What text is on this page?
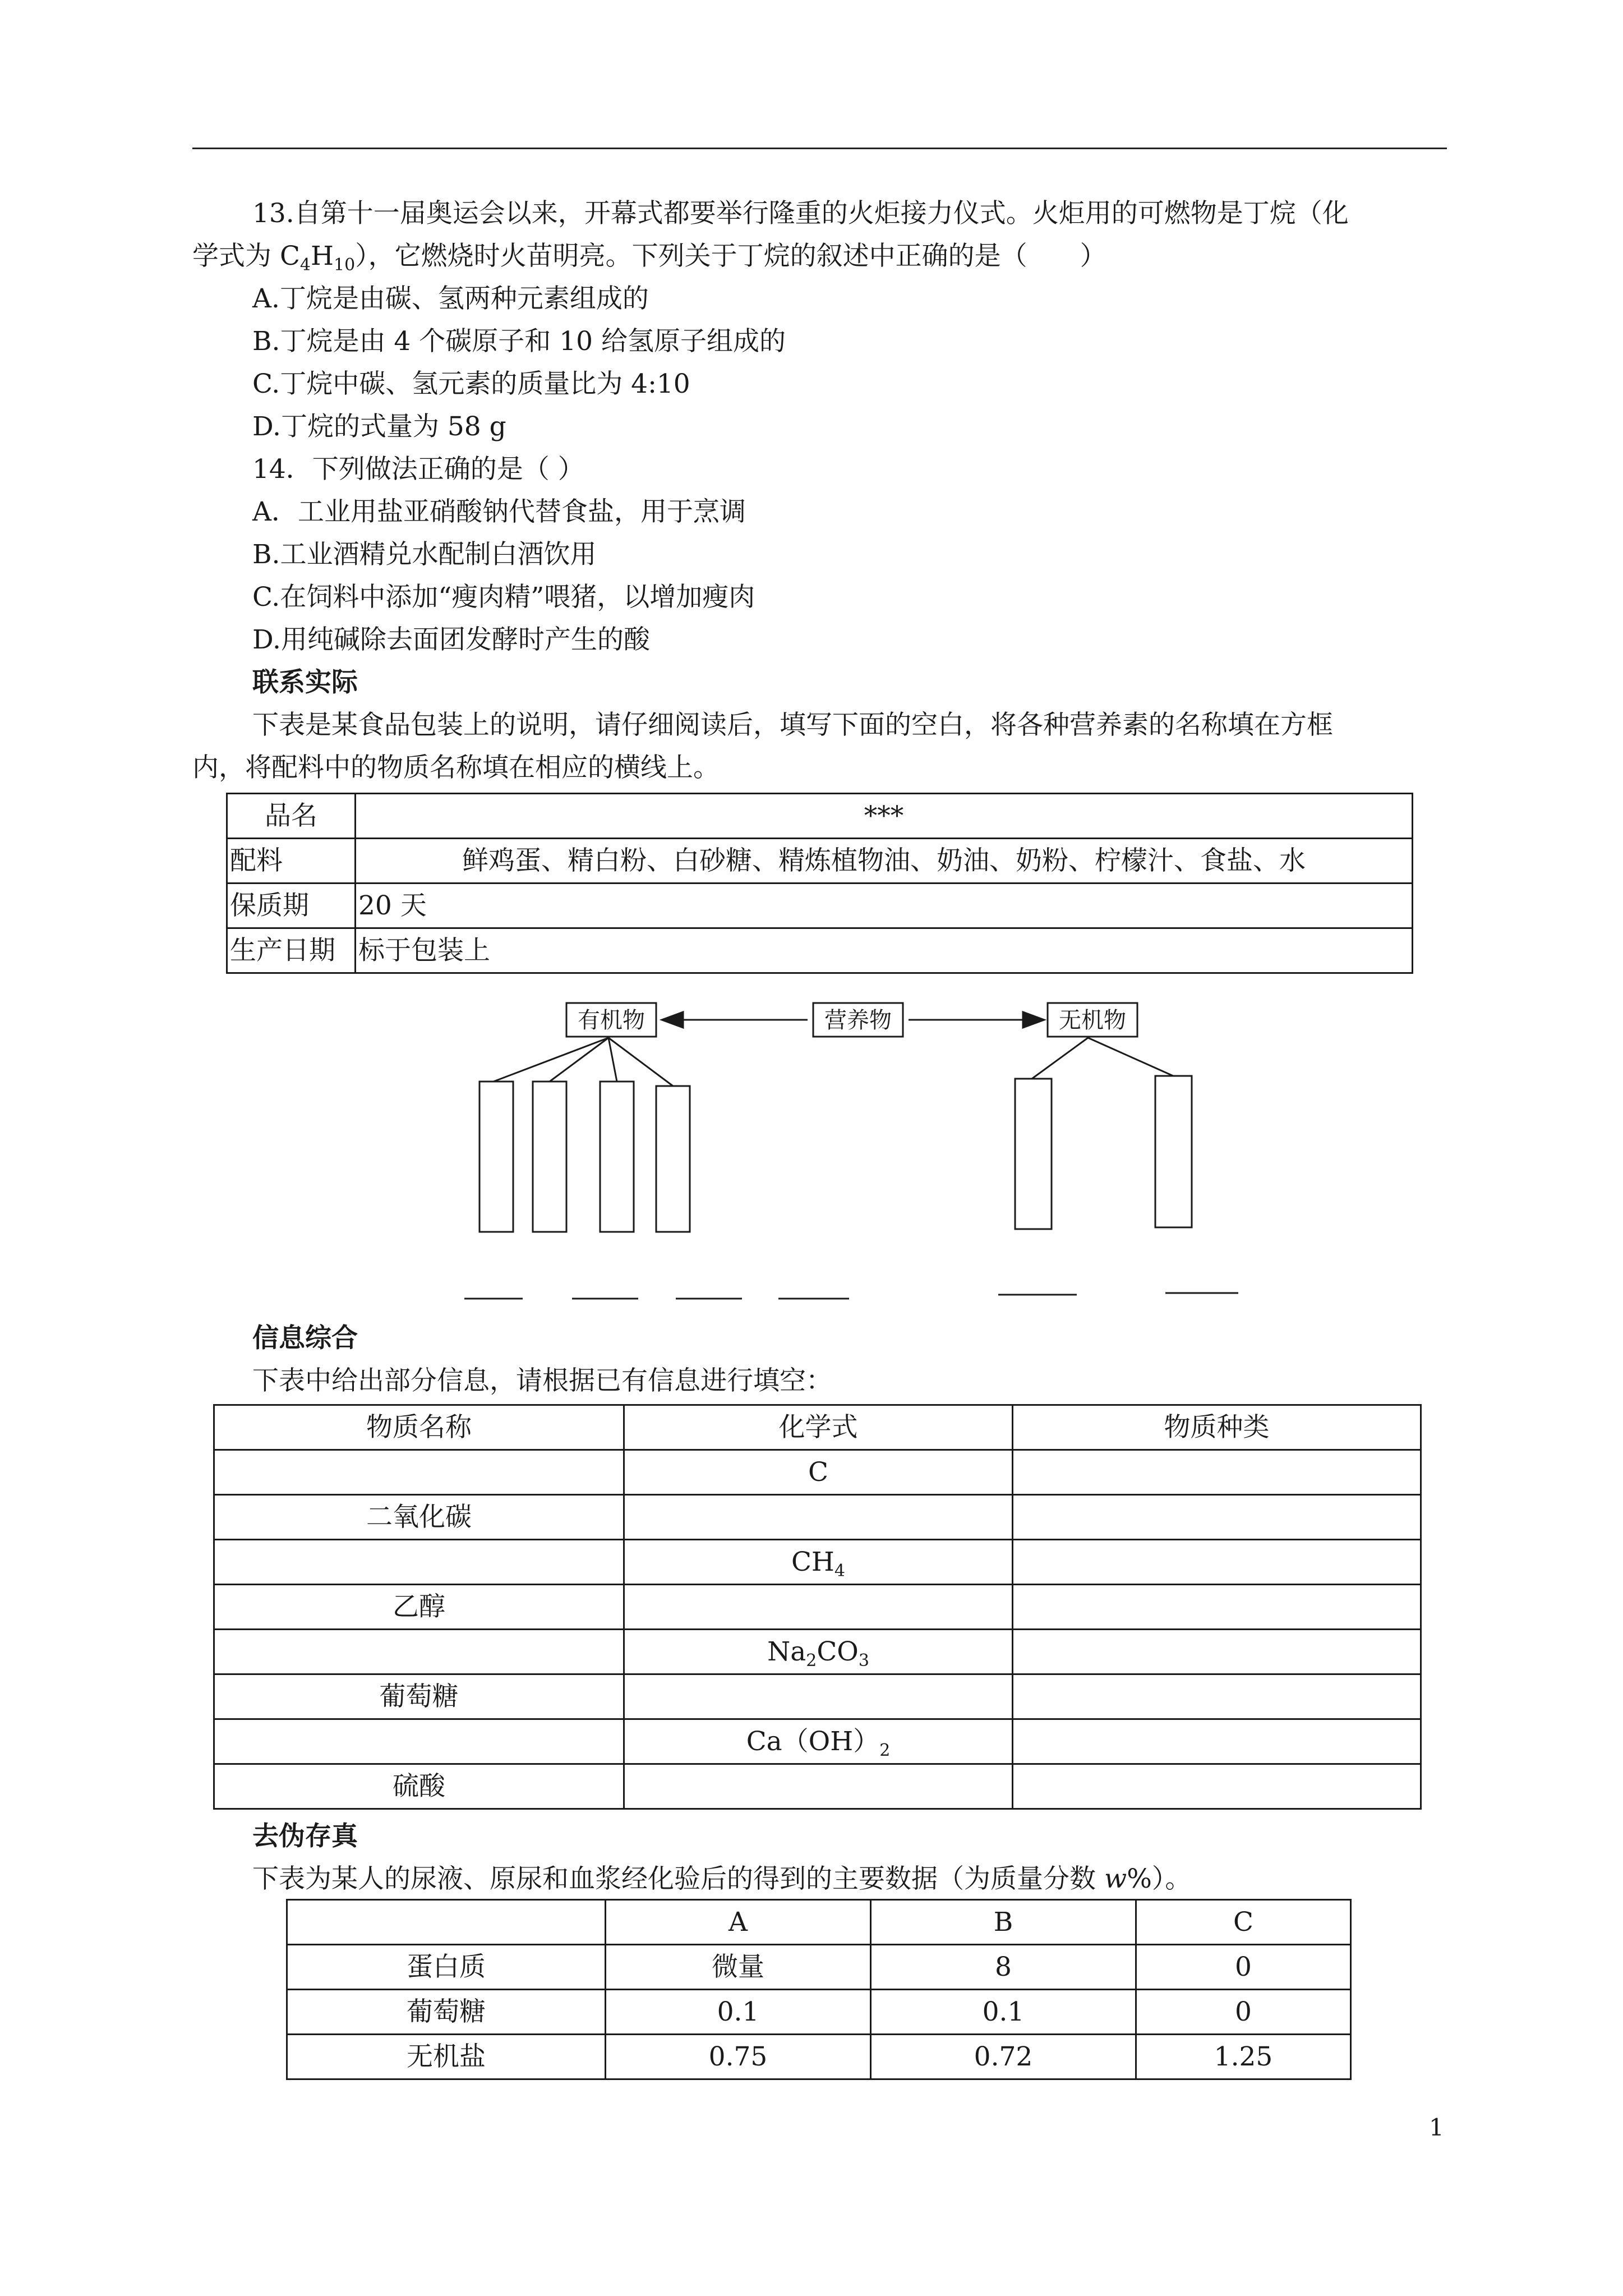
13.自第十一届奥运会以来，开幕式都要举行隆重的火炬接力仪式。火炬用的可燃物是丁烷（化
学式为 $C_4H_{10}$），它燃烧时火苗明亮。下列关于丁烷的叙述中正确的是（　　）
A.丁烷是由碳、氢两种元素组成的
B.丁烷是由 4 个碳原子和 10 给氢原子组成的
C.丁烷中碳、氢元素的质量比为 4:10
D.丁烷的式量为 58 g
14．下列做法正确的是（ ）
A．工业用盐亚硝酸钠代替食盐，用于烹调
B.工业酒精兑水配制白酒饮用
C.在饲料中添加“瘦肉精”喂猪，以增加瘦肉
D.用纯碱除去面团发酵时产生的酸
联系实际
下表是某食品包装上的说明，请仔细阅读后，填写下面的空白，将各种营养素的名称填在方框
内，将配料中的物质名称填在相应的横线上。
品名	***
配料	鲜鸡蛋、精白粉、白砂糖、精炼植物油、奶油、奶粉、柠檬汁、食盐、水
保质期	20 天
生产日期	标于包装上
有机物	营养物	无机物
信息综合
下表中给出部分信息，请根据已有信息进行填空：
物质名称	化学式	物质种类
	C	
二氧化碳		
	$CH_4$	
乙醇		
	$Na_2CO_3$	
葡萄糖		
	$Ca(OH)_2$	
硫酸		
去伪存真
下表为某人的尿液、原尿和血浆经化验后的得到的主要数据（为质量分数 w%）。
	A	B	C
蛋白质	微量	8	0
葡萄糖	0.1	0.1	0
无机盐	0.75	0.72	1.25
1
